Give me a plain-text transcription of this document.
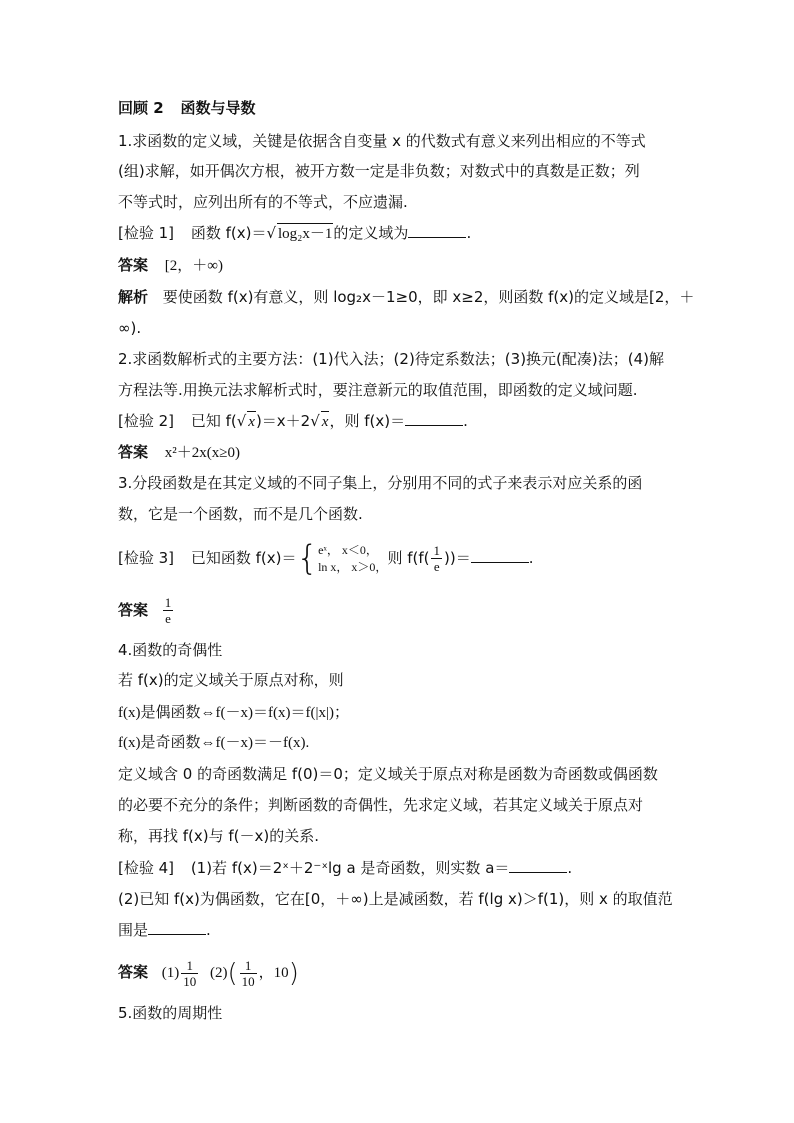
回顾 2 函数与导数
1.求函数的定义域，关键是依据含自变量 x 的代数式有意义来列出相应的不等式
(组)求解，如开偶次方根，被开方数一定是非负数；对数式中的真数是正数；列
不等式时，应列出所有的不等式，不应遗漏.
[检验 1] 函数 f(x)＝√ log₂x－1的定义域为	.
答案 [2，＋∞)
解析 要使函数 f(x)有意义，则 log₂x－1≥0，即 x≥2，则函数 f(x)的定义域是[2，＋
∞).
2.求函数解析式的主要方法：(1)代入法；(2)待定系数法；(3)换元(配凑)法；(4)解
方程法等.用换元法求解析式时，要注意新元的取值范围，即函数的定义域问题.
[检验 2] 已知 f(√ x)＝x＋2√ x，则 f(x)＝	.
答案 x²＋2x(x≥0)
3.分段函数是在其定义域的不同子集上，分别用不同的式子来表示对应关系的函
数，它是一个函数，而不是几个函数.
[检验 3] 已知函数 f(x)＝{ eˣ， x＜0，
ln x， x＞0， 则 $f(f( \frac{1}{e}$ ))＝	.
答案 $\frac{1}{e}$
4.函数的奇偶性
若 f(x)的定义域关于原点对称，则
f(x)是偶函数⇔f(－x)＝f(x)＝f(|x|)；
f(x)是奇函数⇔f(－x)＝－f(x).
定义域含 0 的奇函数满足 f(0)＝0；定义域关于原点对称是函数为奇函数或偶函数
的必要不充分的条件；判断函数的奇偶性，先求定义域，若其定义域关于原点对
称，再找 f(x)与 f(－x)的关系.
[检验 4] (1)若 f(x)＝2ˣ＋2⁻ˣlg a 是奇函数，则实数 a＝	.
(2)已知 f(x)为偶函数，它在[0，＋∞)上是减函数，若 f(lg x)＞f(1)，则 x 的取值范
围是	.
答案 $(1) \frac{1}{10} (2)( \frac{1}{10}$ ，10)
5.函数的周期性
